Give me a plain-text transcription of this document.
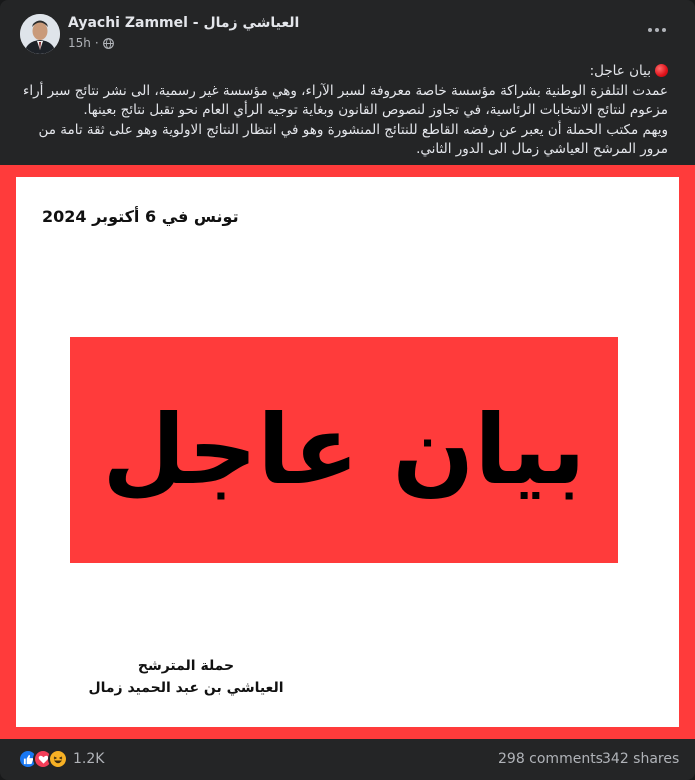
Ayachi Zammel - العياشي زمال
15h ·

بيان عاجل:

عمدت التلفزة الوطنية بشراكة مؤسسة خاصة معروفة لسبر الآراء، وهي مؤسسة غير رسمية، الى نشر نتائج سبر أراء مزعوم لنتائج الانتخابات الرئاسية، في تجاوز لنصوص القانون وبغاية توجيه الرأي العام نحو تقبل نتائج بعينها.

ويهم مكتب الحملة أن يعبر عن رفضه القاطع للنتائج المنشورة وهو في انتظار النتائج الاولوية وهو على ثقة تامة من مرور المرشح العياشي زمال الى الدور الثاني.

تونس في 6 أكتوبر 2024
بيان عاجل
حملة المترشح
العياشي بن عبد الحميد زمال
1.2K	298 comments 342 shares
